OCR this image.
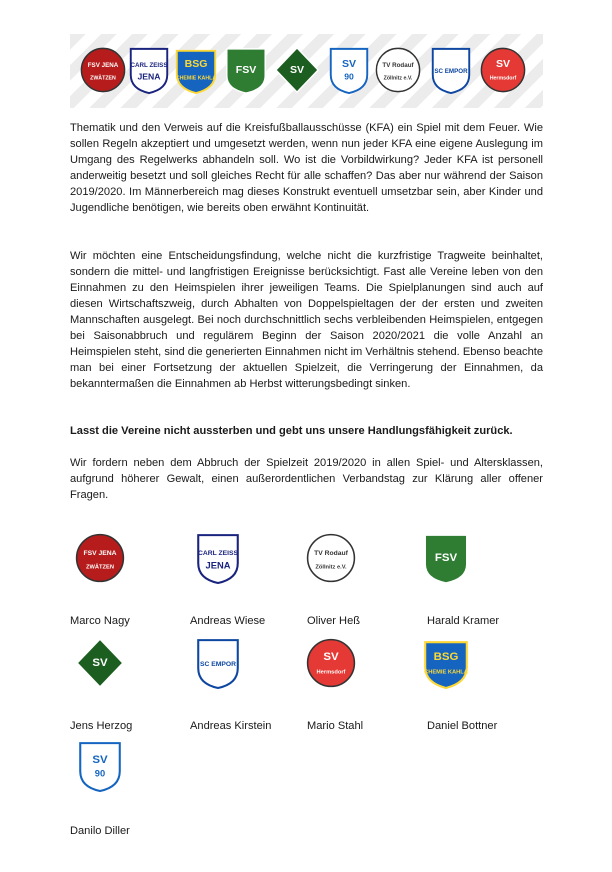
FSV JENA
ZWÄTZEN
CARL ZEISS
JENA
BSG
CHEMIE KAHLA
FSV SV SV
90
TV Rodauf
Zöllnitz e.V.
SC EMPOR
SV
Hermsdorf

Thematik und den Verweis auf die Kreisfußballausschüsse (KFA) ein Spiel mit dem Feuer. Wie sollen Regeln akzeptiert und umgesetzt werden, wenn nun jeder KFA eine eigene Auslegung im Umgang des Regelwerks abhandeln soll. Wo ist die Vorbildwirkung? Jeder KFA ist personell anderweitig besetzt und soll gleiches Recht für alle schaffen? Das aber nur während der Saison 2019/2020. Im Männerbereich mag dieses Konstrukt eventuell umsetzbar sein, aber Kinder und Jugendliche benötigen, wie bereits oben erwähnt Kontinuität.

Wir möchten eine Entscheidungsfindung, welche nicht die kurzfristige Tragweite beinhaltet, sondern die mittel- und langfristigen Ereignisse berücksichtigt. Fast alle Vereine leben von den Einnahmen zu den Heimspielen ihrer jeweiligen Teams. Die Spielplanungen sind auch auf diesen Wirtschaftszweig, durch Abhalten von Doppelspieltagen der der ersten und zweiten Mannschaften ausgelegt. Bei noch durchschnittlich sechs verbleibenden Heimspielen, entgegen bei Saisonabbruch und regulärem Beginn der Saison 2020/2021 die volle Anzahl an Heimspielen steht, sind die generierten Einnahmen nicht im Verhältnis stehend. Ebenso beachte man bei einer Fortsetzung der aktuellen Spielzeit, die Verringerung der Einnahmen, da bekanntermaßen die Einnahmen ab Herbst witterungsbedingt sinken.

Lasst die Vereine nicht aussterben und gebt uns unsere Handlungsfähigkeit zurück.

Wir fordern neben dem Abbruch der Spielzeit 2019/2020 in allen Spiel- und Altersklassen, aufgrund höherer Gewalt, einen außerordentlichen Verbandstag zur Klärung aller offener Fragen.

FSV JENA
ZWÄTZEN
Marco Nagy
CARL ZEISS
JENA
Andreas Wiese
TV Rodauf
Zöllnitz e.V.
Oliver Heß
FSV
Harald Kramer
SV
Jens Herzog
SC EMPOR
Andreas Kirstein
SV
Hermsdorf
Mario Stahl
BSG
CHEMIE KAHLA
Daniel Bottner
SV
90
Danilo Diller
